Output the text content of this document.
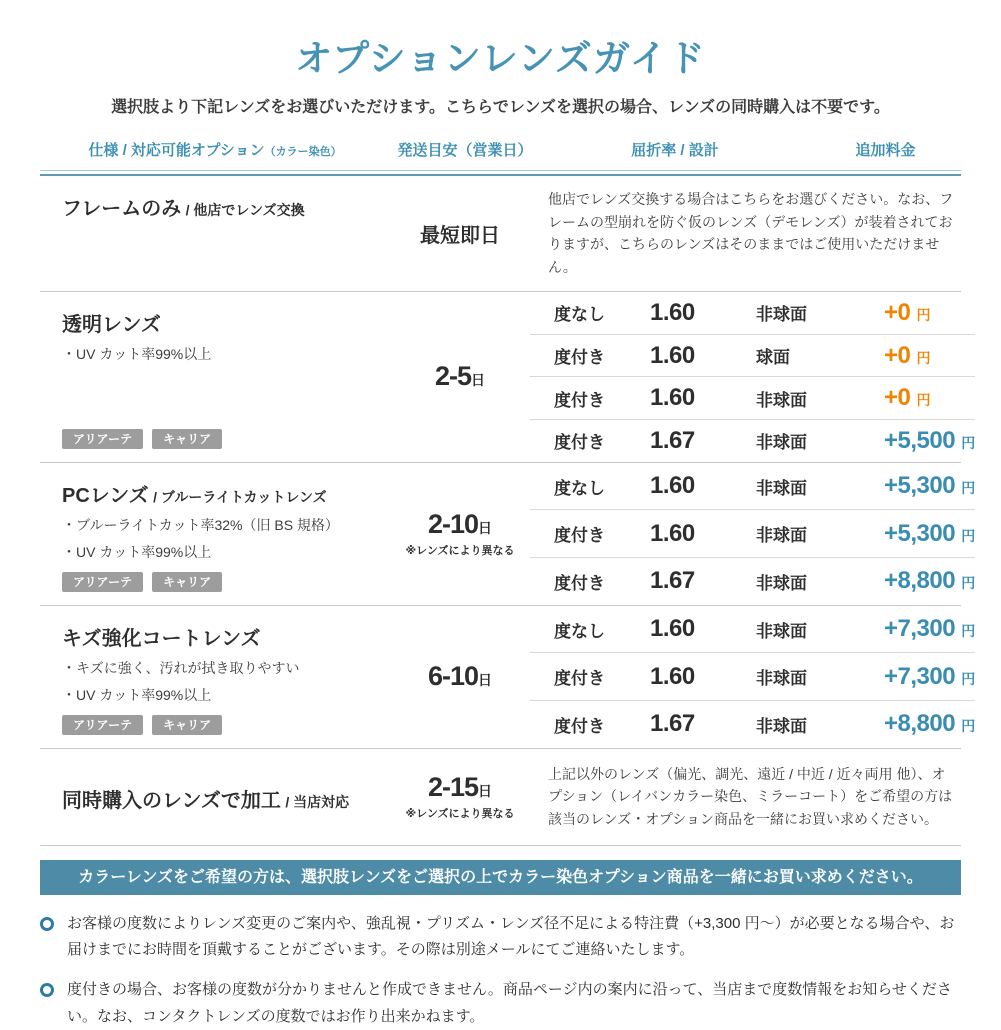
オプションレンズガイド

選択肢より下記レンズをお選びいただけます。こちらでレンズを選択の場合、レンズの同時購入は不要です。

仕様 / 対応可能オプション（カラー染色）	発送目安（営業日）	屈折率 / 設計	追加料金
フレームのみ / 他店でレンズ交換
最短即日
他店でレンズ交換する場合はこちらをお選びください。なお、フレームの型崩れを防ぐ仮のレンズ（デモレンズ）が装着されておりますが、こちらのレンズはそのままではご使用いただけません。
透明レンズ
・UV カット率99%以上
アリアーテ	キャリア
2-5日
度なし	1.60	非球面	+0 円
度付き	1.60	球面	+0 円
度付き	1.60	非球面	+0 円
度付き	1.67	非球面	+5,500 円
PCレンズ / ブルーライトカットレンズ
・ブルーライトカット率32%（旧 BS 規格）
・UV カット率99%以上
アリアーテ	キャリア
2-10日
※レンズにより異なる
度なし	1.60	非球面	+5,300 円
度付き	1.60	非球面	+5,300 円
度付き	1.67	非球面	+8,800 円
キズ強化コートレンズ
・キズに強く、汚れが拭き取りやすい
・UV カット率99%以上
アリアーテ	キャリア
6-10日
度なし	1.60	非球面	+7,300 円
度付き	1.60	非球面	+7,300 円
度付き	1.67	非球面	+8,800 円
同時購入のレンズで加工 / 当店対応	2-15日
※レンズにより異なる
上記以外のレンズ（偏光、調光、遠近 / 中近 / 近々両用 他）、オプション（レイバンカラー染色、ミラーコート）をご希望の方は該当のレンズ・オプション商品を一緒にお買い求めください。
カラーレンズをご希望の方は、選択肢レンズをご選択の上でカラー染色オプション商品を一緒にお買い求めください。

お客様の度数によりレンズ変更のご案内や、強乱視・プリズム・レンズ径不足による特注費（+3,300 円〜）が必要となる場合や、お届けまでにお時間を頂戴することがございます。その際は別途メールにてご連絡いたします。

度付きの場合、お客様の度数が分かりませんと作成できません。商品ページ内の案内に沿って、当店まで度数情報をお知らせください。なお、コンタクトレンズの度数ではお作り出来かねます。
